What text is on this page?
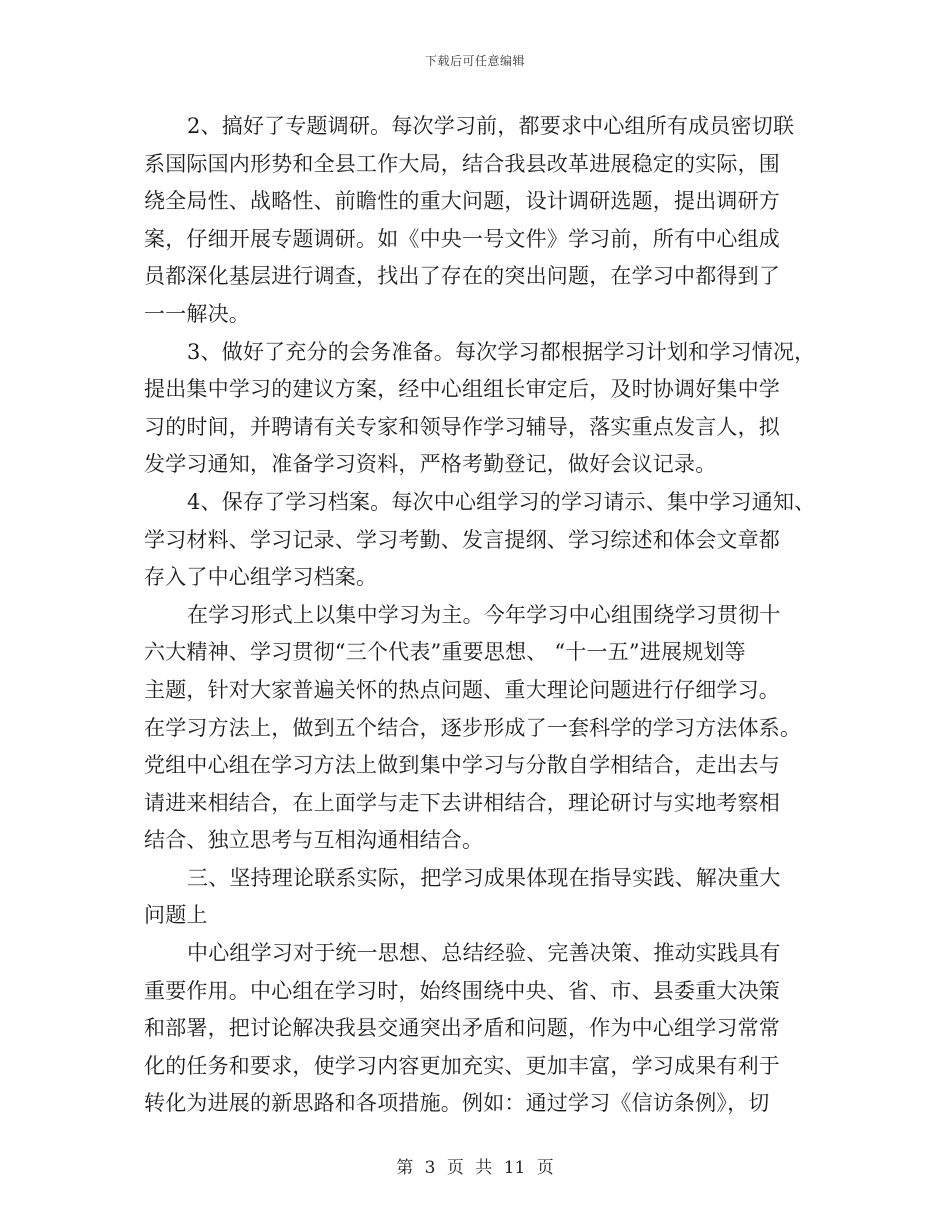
下载后可任意编辑
2、搞好了专题调研。每次学习前，都要求中心组所有成员密切联
系国际国内形势和全县工作大局，结合我县改革进展稳定的实际，围
绕全局性、战略性、前瞻性的重大问题，设计调研选题，提出调研方
案，仔细开展专题调研。如《中央一号文件》学习前，所有中心组成
员都深化基层进行调查，找出了存在的突出问题，在学习中都得到了
一一解决。
3、做好了充分的会务准备。每次学习都根据学习计划和学习情况，
提出集中学习的建议方案，经中心组组长审定后，及时协调好集中学
习的时间，并聘请有关专家和领导作学习辅导，落实重点发言人，拟
发学习通知，准备学习资料，严格考勤登记，做好会议记录。
4、保存了学习档案。每次中心组学习的学习请示、集中学习通知、
学习材料、学习记录、学习考勤、发言提纲、学习综述和体会文章都
存入了中心组学习档案。
在学习形式上以集中学习为主。今年学习中心组围绕学习贯彻十
六大精神、学习贯彻“三个代表”重要思想、 “十一五”进展规划等
主题，针对大家普遍关怀的热点问题、重大理论问题进行仔细学习。
在学习方法上，做到五个结合，逐步形成了一套科学的学习方法体系。
党组中心组在学习方法上做到集中学习与分散自学相结合，走出去与
请进来相结合，在上面学与走下去讲相结合，理论研讨与实地考察相
结合、独立思考与互相沟通相结合。
三、坚持理论联系实际，把学习成果体现在指导实践、解决重大
问题上
中心组学习对于统一思想、总结经验、完善决策、推动实践具有
重要作用。中心组在学习时，始终围绕中央、省、市、县委重大决策
和部署，把讨论解决我县交通突出矛盾和问题，作为中心组学习常常
化的任务和要求，使学习内容更加充实、更加丰富，学习成果有利于
转化为进展的新思路和各项措施。例如：通过学习《信访条例》，切
第 3 页 共 11 页
